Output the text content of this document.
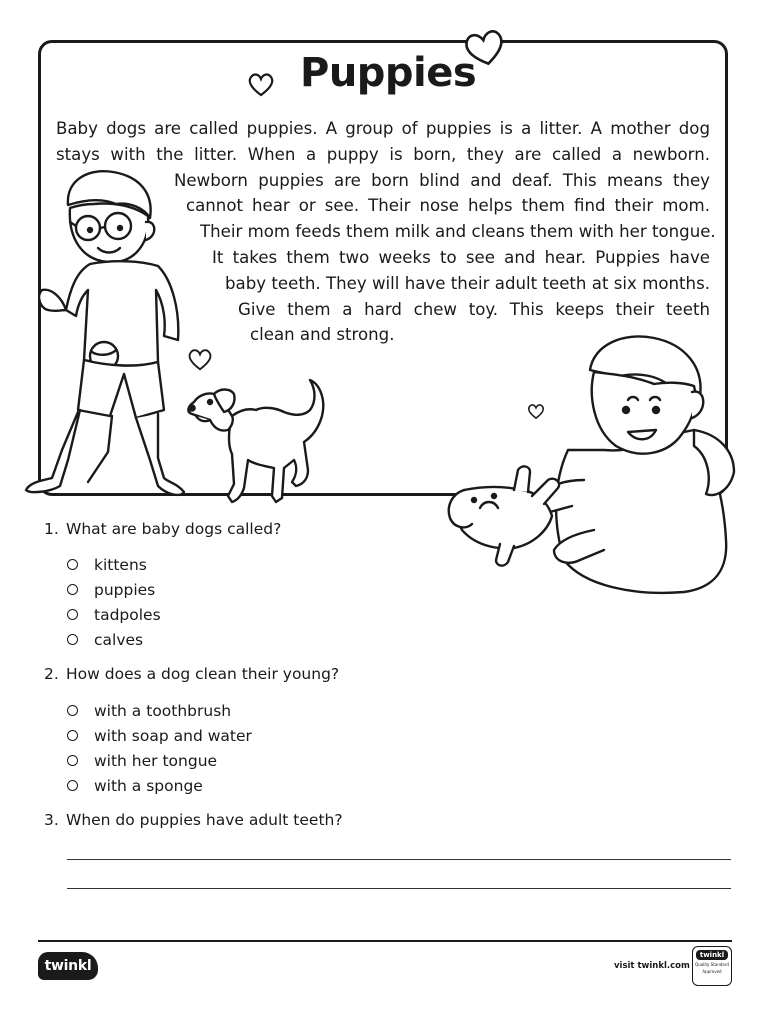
Puppies

Baby dogs are called puppies. A group of puppies is a litter. A mother dog
stays with the litter. When a puppy is born, they are called a newborn.
Newborn puppies are born blind and deaf. This means they
cannot hear or see. Their nose helps them find their mom.
Their mom feeds them milk and cleans them with her tongue.
It takes them two weeks to see and hear. Puppies have
baby teeth. They will have their adult teeth at six months.
Give them a hard chew toy. This keeps their teeth
clean and strong.

1. What are baby dogs called?

kittens
puppies
tadpoles
calves

2. How does a dog clean their young?

with a toothbrush
with soap and water
with her tongue
with a sponge

3. When do puppies have adult teeth?

twinkl	visit twinkl.com
twinkl
Quality Standard
Approved
